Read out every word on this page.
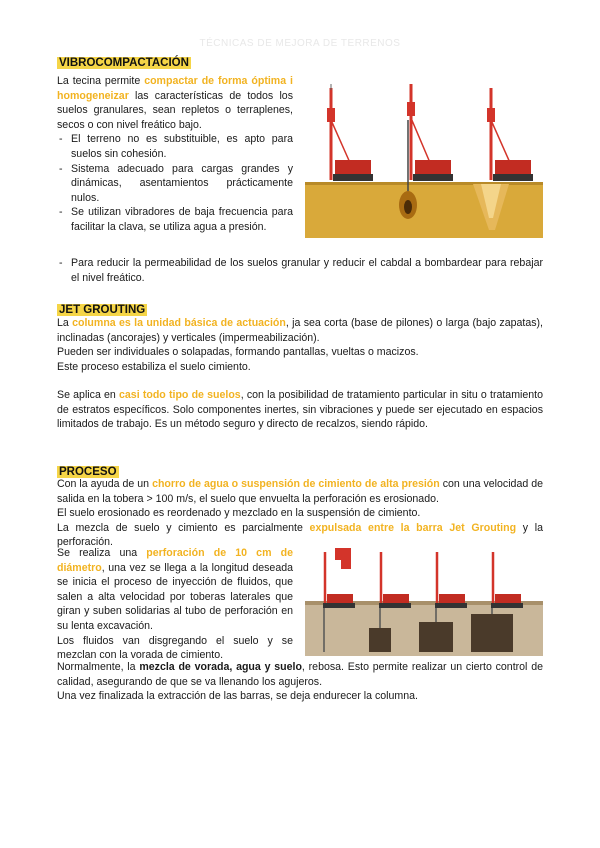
TÉCNICAS DE MEJORA DE TERRENOS
VIBROCOMPACTACIÓN

La tecina permite compactar de forma óptima i homogeneizar las características de todos los suelos granulares, sean repletos o terraplenes, secos o con nivel freático bajo.

- El terreno no es substituible, es apto para suelos sin cohesión.
- Sistema adecuado para cargas grandes y dinámicas, asentamientos prácticamente nulos.
- Se utilizan vibradores de baja frecuencia para facilitar la clava, se utiliza agua a presión.
- Para reducir la permeabilidad de los suelos granular y reducir el cabdal a bombardear para rebajar el nivel freático.
JET GROUTING

La columna es la unidad básica de actuación, ja sea corta (base de pilones) o larga (bajo zapatas), inclinadas (ancorajes) y verticales (impermeabilización).

Pueden ser individuales o solapadas, formando pantallas, vueltas o macizos.

Este proceso estabiliza el suelo cimiento.

Se aplica en casi todo tipo de suelos, con la posibilidad de tratamiento particular in situ o tratamiento de estratos específicos. Solo componentes inertes, sin vibraciones y puede ser ejecutado en espacios limitados de trabajo. Es un método seguro y directo de recalzos, siendo rápido.

PROCESO

Con la ayuda de un chorro de agua o suspensión de cimiento de alta presión con una velocidad de salida en la tobera > 100 m/s, el suelo que envuelta la perforación es erosionado.

El suelo erosionado es reordenado y mezclado en la suspensión de cimiento.

La mezcla de suelo y cimiento es parcialmente expulsada entre la barra Jet Grouting y la perforación.

Se realiza una perforación de 10 cm de diámetro, una vez se llega a la longitud deseada se inicia el proceso de inyección de fluidos, que salen a alta velocidad por toberas laterales que giran y suben solidarias al tubo de perforación en su lenta excavación.

Los fluidos van disgregando el suelo y se mezclan con la vorada de cimiento.

Normalmente, la mezcla de vorada, agua y suelo, rebosa. Esto permite realizar un cierto control de calidad, asegurando de que se va llenando los agujeros.

Una vez finalizada la extracción de las barras, se deja endurecer la columna.
